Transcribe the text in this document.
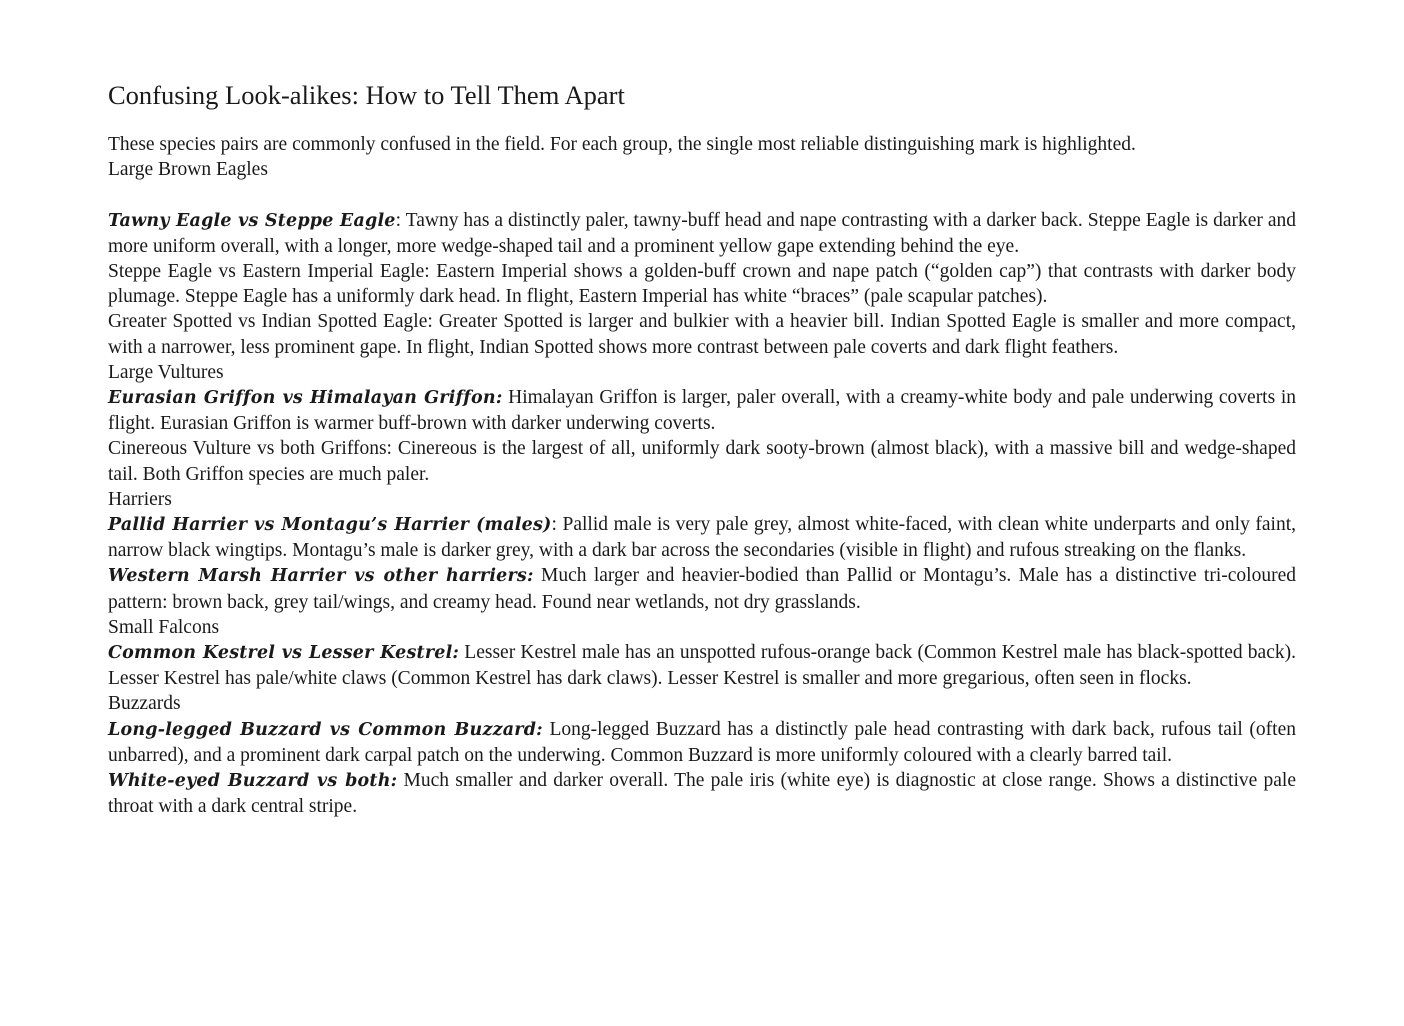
Confusing Look-alikes: How to Tell Them Apart

These species pairs are commonly confused in the field. For each group, the single most reliable distinguishing mark is highlighted.

Large Brown Eagles

Tawny Eagle vs Steppe Eagle: Tawny has a distinctly paler, tawny-buff head and nape contrasting with a darker back. Steppe Eagle is darker and more uniform overall, with a longer, more wedge-shaped tail and a prominent yellow gape extending behind the eye.

Steppe Eagle vs Eastern Imperial Eagle: Eastern Imperial shows a golden-buff crown and nape patch (“golden cap”) that contrasts with darker body plumage. Steppe Eagle has a uniformly dark head. In flight, Eastern Imperial has white “braces” (pale scapular patches).

Greater Spotted vs Indian Spotted Eagle: Greater Spotted is larger and bulkier with a heavier bill. Indian Spotted Eagle is smaller and more compact, with a narrower, less prominent gape. In flight, Indian Spotted shows more contrast between pale coverts and dark flight feathers.

Large Vultures

Eurasian Griffon vs Himalayan Griffon: Himalayan Griffon is larger, paler overall, with a creamy-white body and pale underwing coverts in flight. Eurasian Griffon is warmer buff-brown with darker underwing coverts.

Cinereous Vulture vs both Griffons: Cinereous is the largest of all, uniformly dark sooty-brown (almost black), with a massive bill and wedge-shaped tail. Both Griffon species are much paler.

Harriers

Pallid Harrier vs Montagu’s Harrier (males): Pallid male is very pale grey, almost white-faced, with clean white underparts and only faint, narrow black wingtips. Montagu’s male is darker grey, with a dark bar across the secondaries (visible in flight) and rufous streaking on the flanks.

Western Marsh Harrier vs other harriers: Much larger and heavier-bodied than Pallid or Montagu’s. Male has a distinctive tri-coloured pattern: brown back, grey tail/wings, and creamy head. Found near wetlands, not dry grasslands.

Small Falcons

Common Kestrel vs Lesser Kestrel: Lesser Kestrel male has an unspotted rufous-orange back (Common Kestrel male has black-spotted back). Lesser Kestrel has pale/white claws (Common Kestrel has dark claws). Lesser Kestrel is smaller and more gregarious, often seen in flocks.

Buzzards

Long-legged Buzzard vs Common Buzzard: Long-legged Buzzard has a distinctly pale head contrasting with dark back, rufous tail (often unbarred), and a prominent dark carpal patch on the underwing. Common Buzzard is more uniformly coloured with a clearly barred tail.

White-eyed Buzzard vs both: Much smaller and darker overall. The pale iris (white eye) is diagnostic at close range. Shows a distinctive pale throat with a dark central stripe.
